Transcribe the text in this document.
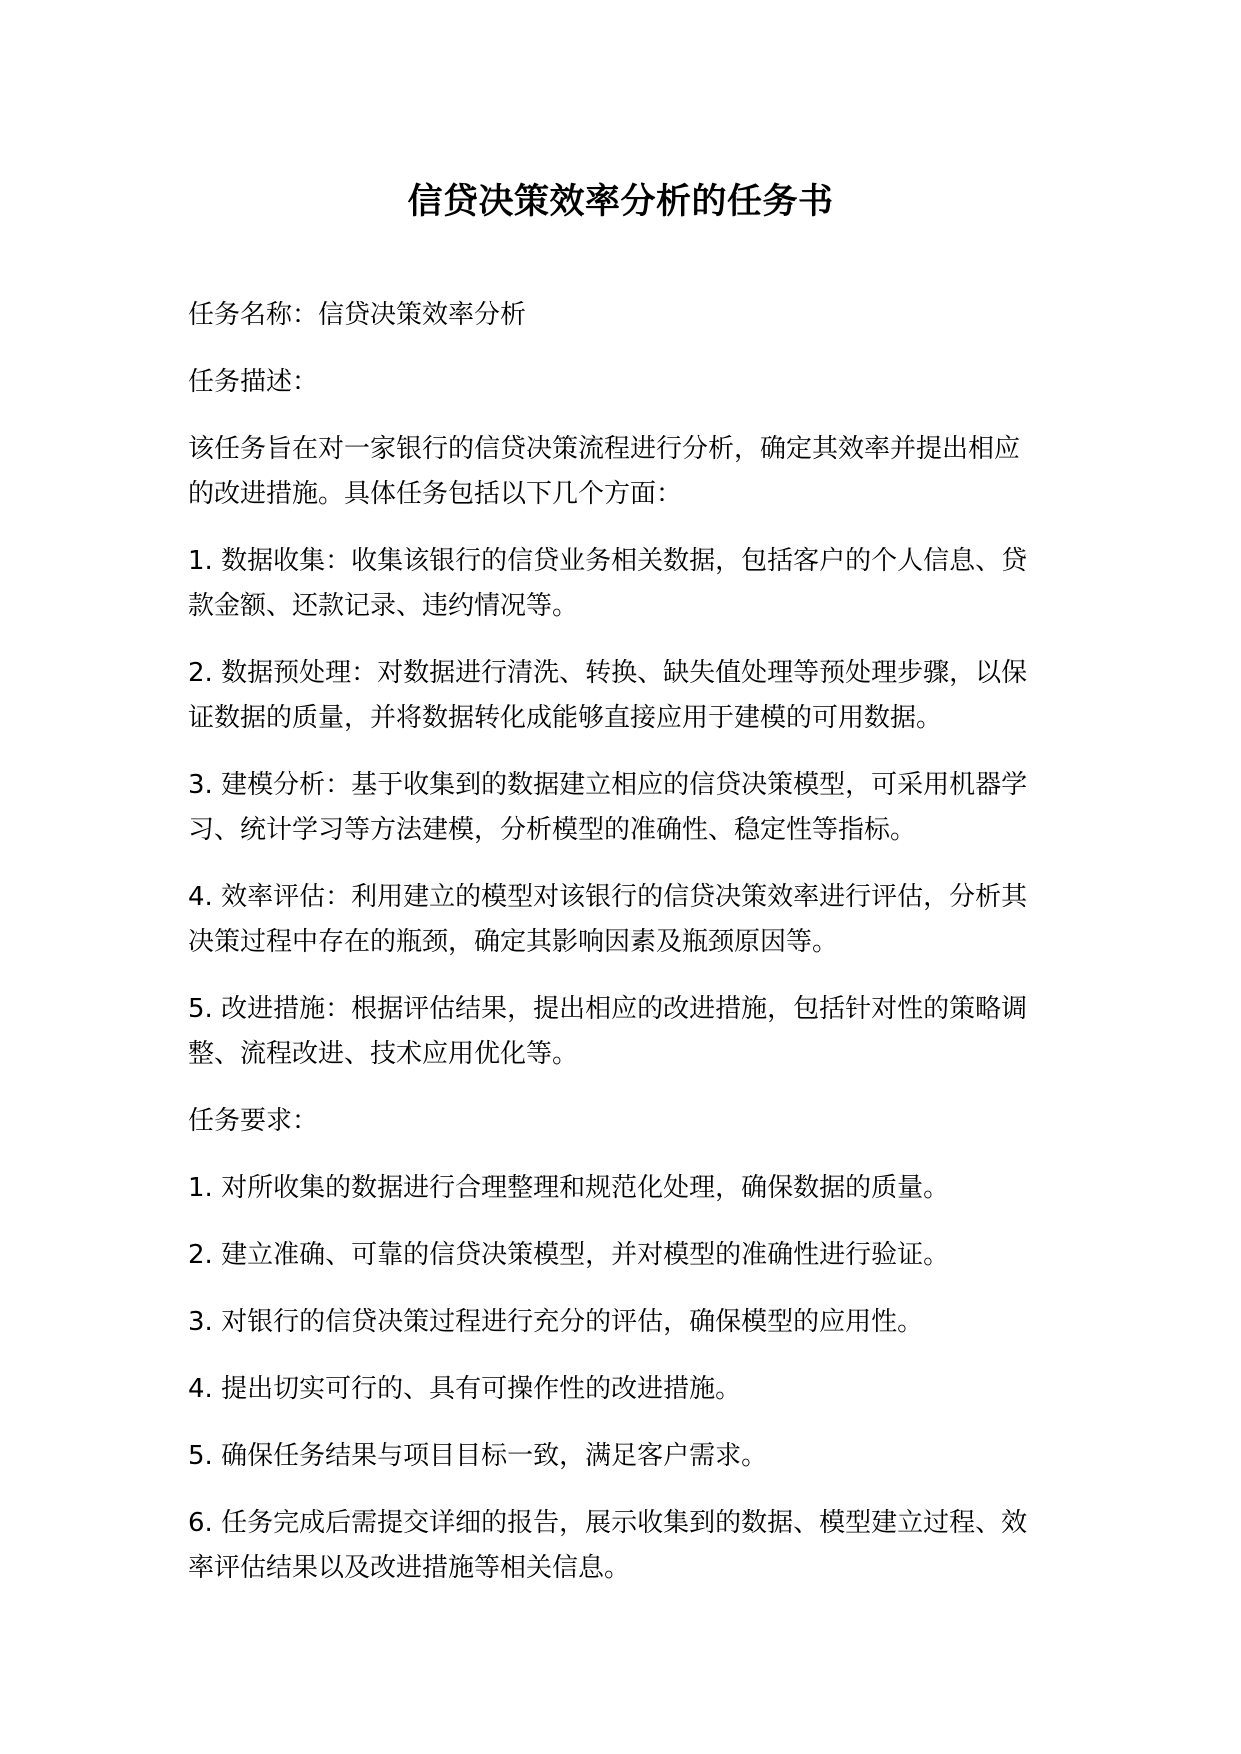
信贷决策效率分析的任务书

任务名称：信贷决策效率分析

任务描述：

该任务旨在对一家银行的信贷决策流程进行分析，确定其效率并提出相应的改进措施。具体任务包括以下几个方面：

1. 数据收集：收集该银行的信贷业务相关数据，包括客户的个人信息、贷款金额、还款记录、违约情况等。
2. 数据预处理：对数据进行清洗、转换、缺失值处理等预处理步骤，以保证数据的质量，并将数据转化成能够直接应用于建模的可用数据。
3. 建模分析：基于收集到的数据建立相应的信贷决策模型，可采用机器学习、统计学习等方法建模，分析模型的准确性、稳定性等指标。
4. 效率评估：利用建立的模型对该银行的信贷决策效率进行评估，分析其决策过程中存在的瓶颈，确定其影响因素及瓶颈原因等。
5. 改进措施：根据评估结果，提出相应的改进措施，包括针对性的策略调整、流程改进、技术应用优化等。

任务要求：

1. 对所收集的数据进行合理整理和规范化处理，确保数据的质量。
2. 建立准确、可靠的信贷决策模型，并对模型的准确性进行验证。
3. 对银行的信贷决策过程进行充分的评估，确保模型的应用性。
4. 提出切实可行的、具有可操作性的改进措施。
5. 确保任务结果与项目目标一致，满足客户需求。
6. 任务完成后需提交详细的报告，展示收集到的数据、模型建立过程、效率评估结果以及改进措施等相关信息。
